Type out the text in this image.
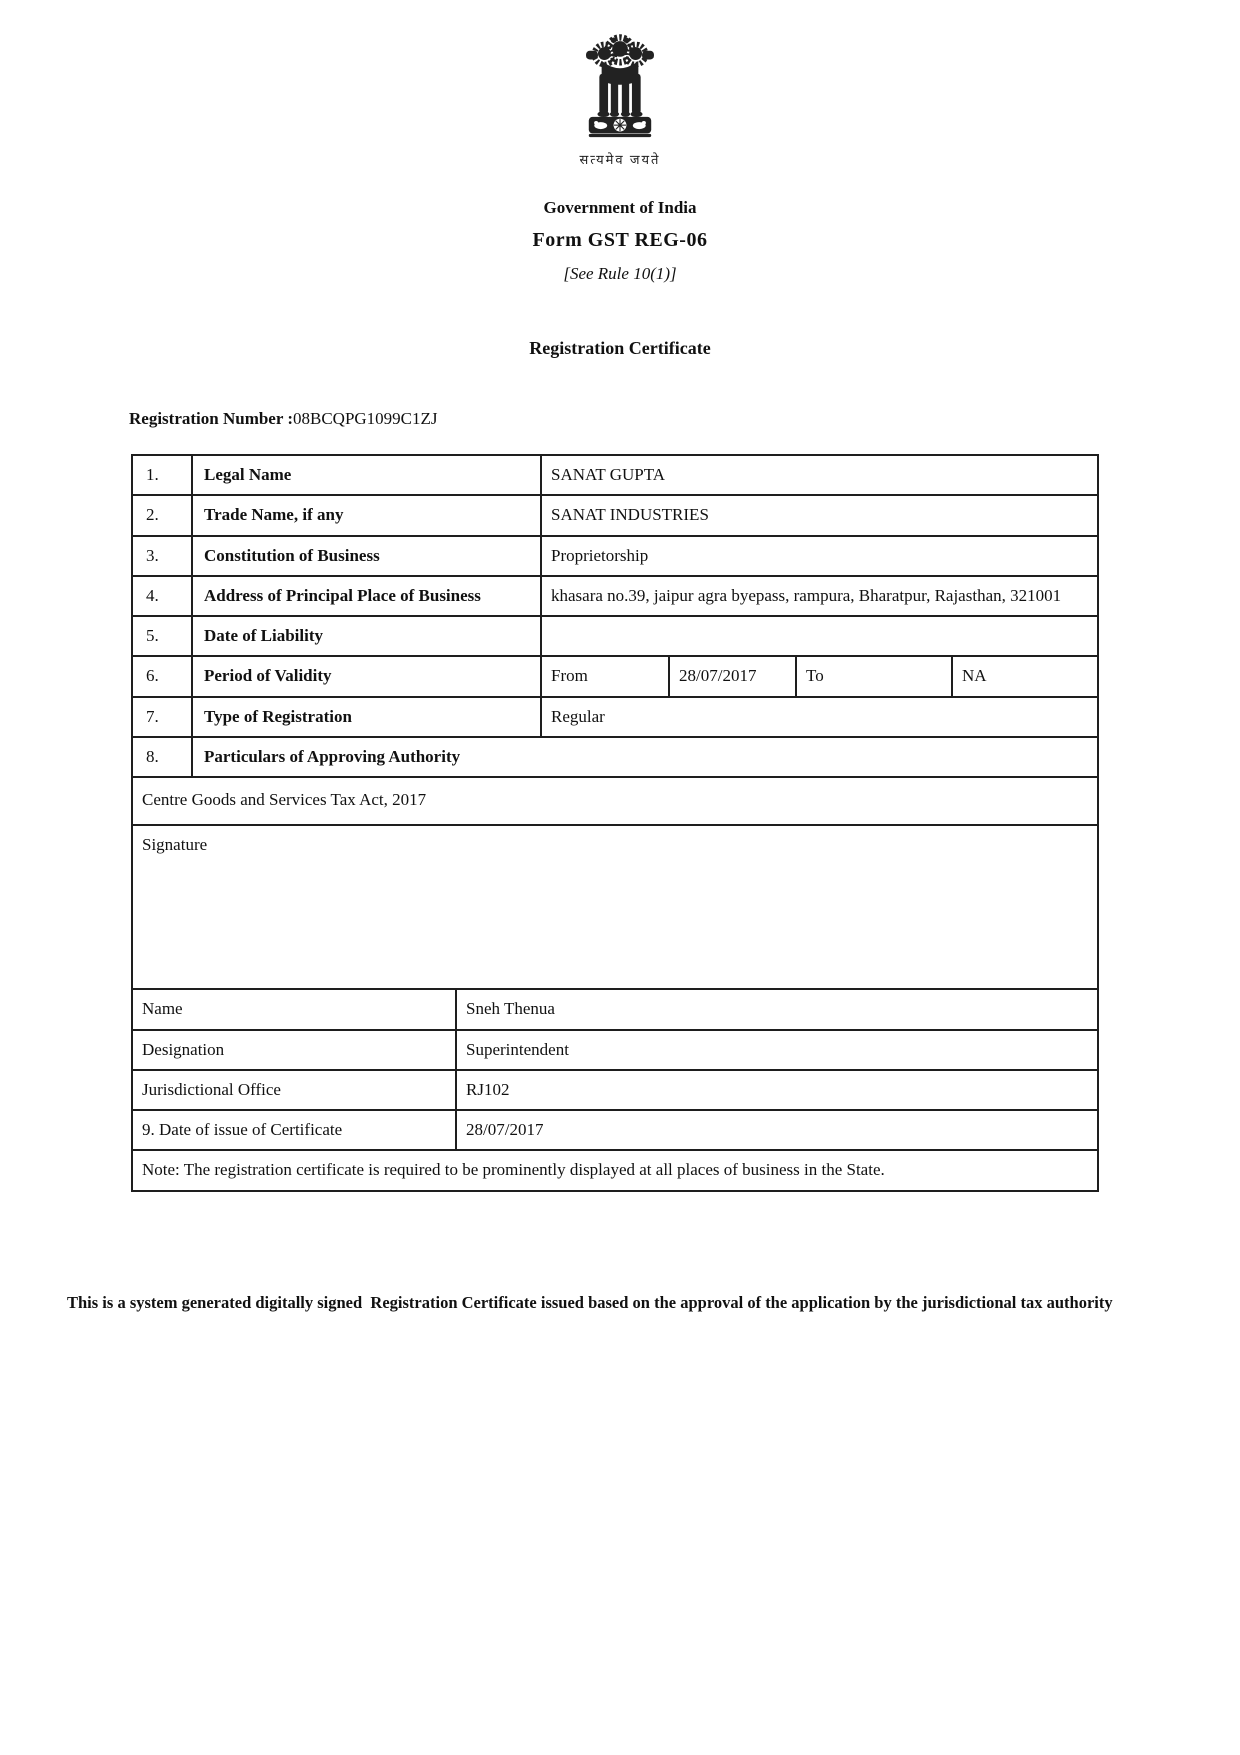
सत्यमेव जयते
Government of India
Form GST REG-06
[See Rule 10(1)]
Registration Certificate
Registration Number :08BCQPG1099C1ZJ
1.	Legal Name		SANAT GUPTA			
2.	Trade Name, if any		SANAT INDUSTRIES			
3.	Constitution of Business		Proprietorship			
4.	Address of Principal Place of Business		khasara no.39, jaipur agra byepass, rampura, Bharatpur, Rajasthan, 321001			
5.	Date of Liability					
6.	Period of Validity		From	28/07/2017	To	NA
7.	Type of Registration		Regular			
8.	Particulars of Approving Authority					
Centre Goods and Services Tax Act, 2017						
Signature						
Name		Sneh Thenua				
Designation		Superintendent				
Jurisdictional Office		RJ102				
9. Date of issue of Certificate		28/07/2017				
Note: The registration certificate is required to be prominently displayed at all places of business in the State.						

This is a system generated digitally signed  Registration Certificate issued based on the approval of the application by the jurisdictional tax authority
